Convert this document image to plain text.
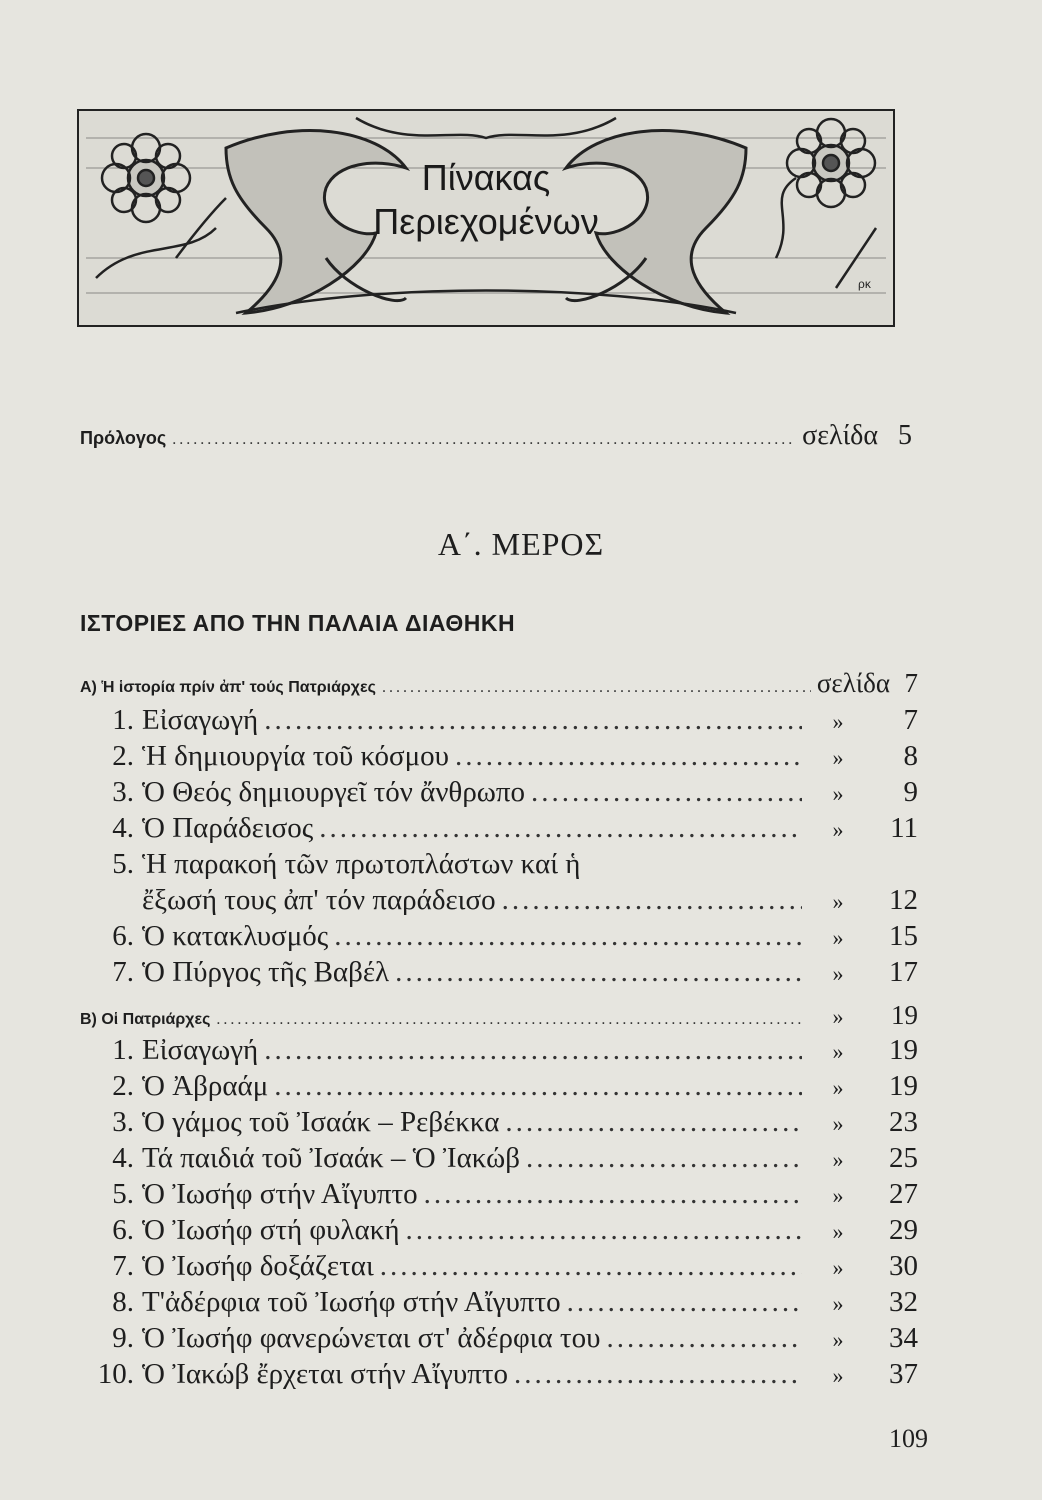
ρκ
Πίνακας
Περιεχομένων
Πρόλογος .....	σελίδα 5
Α΄. ΜΕΡΟΣ
ΙΣΤΟΡΙΕΣ ΑΠΟ ΤΗΝ ΠΑΛΑΙΑ ΔΙΑΘΗΚΗ
Α) Ἡ ἱστορία πρίν ἀπ' τούς Πατριάρχες .....	σελίδα 7
1. Εἰσαγωγή .....	»	7
2. Ἡ δημιουργία τοῦ κόσμου .....	»	8
3. Ὁ Θεός δημιουργεῖ τόν ἄνθρωπο .....	»	9
4. Ὁ Παράδεισος .....	»	11
5. Ἡ παρακοή τῶν πρωτοπλάστων καί ἡ
ἔξωσή τους ἀπ' τόν παράδεισο .....	»	12
6. Ὁ κατακλυσμός .....	»	15
7. Ὁ Πύργος τῆς Βαβέλ .....	»	17
Β) Οἱ Πατριάρχες .....	»	19
1. Εἰσαγωγή .....	»	19
2. Ὁ Ἀβραάμ .....	»	19
3. Ὁ γάμος τοῦ Ἰσαάκ – Ρεβέκκα .....	»	23
4. Τά παιδιά τοῦ Ἰσαάκ – Ὁ Ἰακώβ .....	»	25
5. Ὁ Ἰωσήφ στήν Αἴγυπτο .....	»	27
6. Ὁ Ἰωσήφ στή φυλακή .....	»	29
7. Ὁ Ἰωσήφ δοξάζεται .....	»	30
8. Τ'ἀδέρφια τοῦ Ἰωσήφ στήν Αἴγυπτο .....	»	32
9. Ὁ Ἰωσήφ φανερώνεται στ' ἀδέρφια του .....	»	34
10. Ὁ Ἰακώβ ἔρχεται στήν Αἴγυπτο .....	»	37
109
